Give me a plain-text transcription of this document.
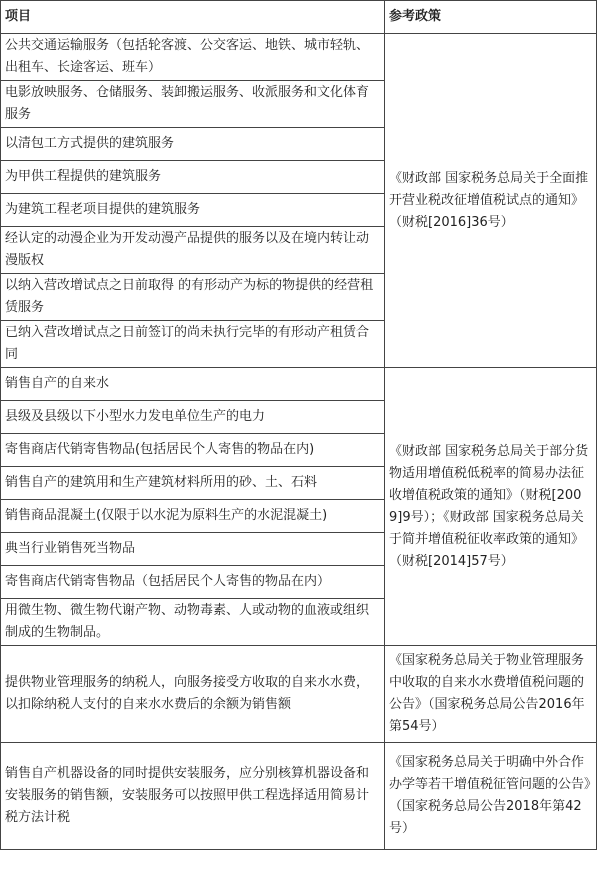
项目	参考政策
公共交通运输服务（包括轮客渡、公交客运、地铁、城市轻轨、出租车、长途客运、班车）	《财政部 国家税务总局关于全面推开营业税改征增值税试点的通知》（财税[2016]36号）
电影放映服务、仓储服务、装卸搬运服务、收派服务和文化体育服务	
以清包工方式提供的建筑服务	
为甲供工程提供的建筑服务	
为建筑工程老项目提供的建筑服务	
经认定的动漫企业为开发动漫产品提供的服务以及在境内转让动漫版权	
以纳入营改增试点之日前取得 的有形动产为标的物提供的经营租赁服务	
已纳入营改增试点之日前签订的尚未执行完毕的有形动产租赁合同	
销售自产的自来水	《财政部 国家税务总局关于部分货物适用增值税低税率的简易办法征收增值税政策的通知》（财税[2009]9号）；《财政部 国家税务总局关于简并增值税征收率政策的通知》（财税[2014]57号）
县级及县级以下小型水力发电单位生产的电力	
寄售商店代销寄售物品(包括居民个人寄售的物品在内)	
销售自产的建筑用和生产建筑材料所用的砂、土、石料	
销售商品混凝土(仅限于以水泥为原料生产的水泥混凝土)	
典当行业销售死当物品	
寄售商店代销寄售物品（包括居民个人寄售的物品在内）	
用微生物、微生物代谢产物、动物毒素、人或动物的血液或组织制成的生物制品。	
提供物业管理服务的纳税人，向服务接受方收取的自来水水费，以扣除纳税人支付的自来水水费后的余额为销售额	《国家税务总局关于物业管理服务中收取的自来水水费增值税问题的公告》（国家税务总局公告2016年第54号）
销售自产机器设备的同时提供安装服务，应分别核算机器设备和安装服务的销售额，安装服务可以按照甲供工程选择适用简易计税方法计税	《国家税务总局关于明确中外合作办学等若干增值税征管问题的公告》（国家税务总局公告2018年第42号）
